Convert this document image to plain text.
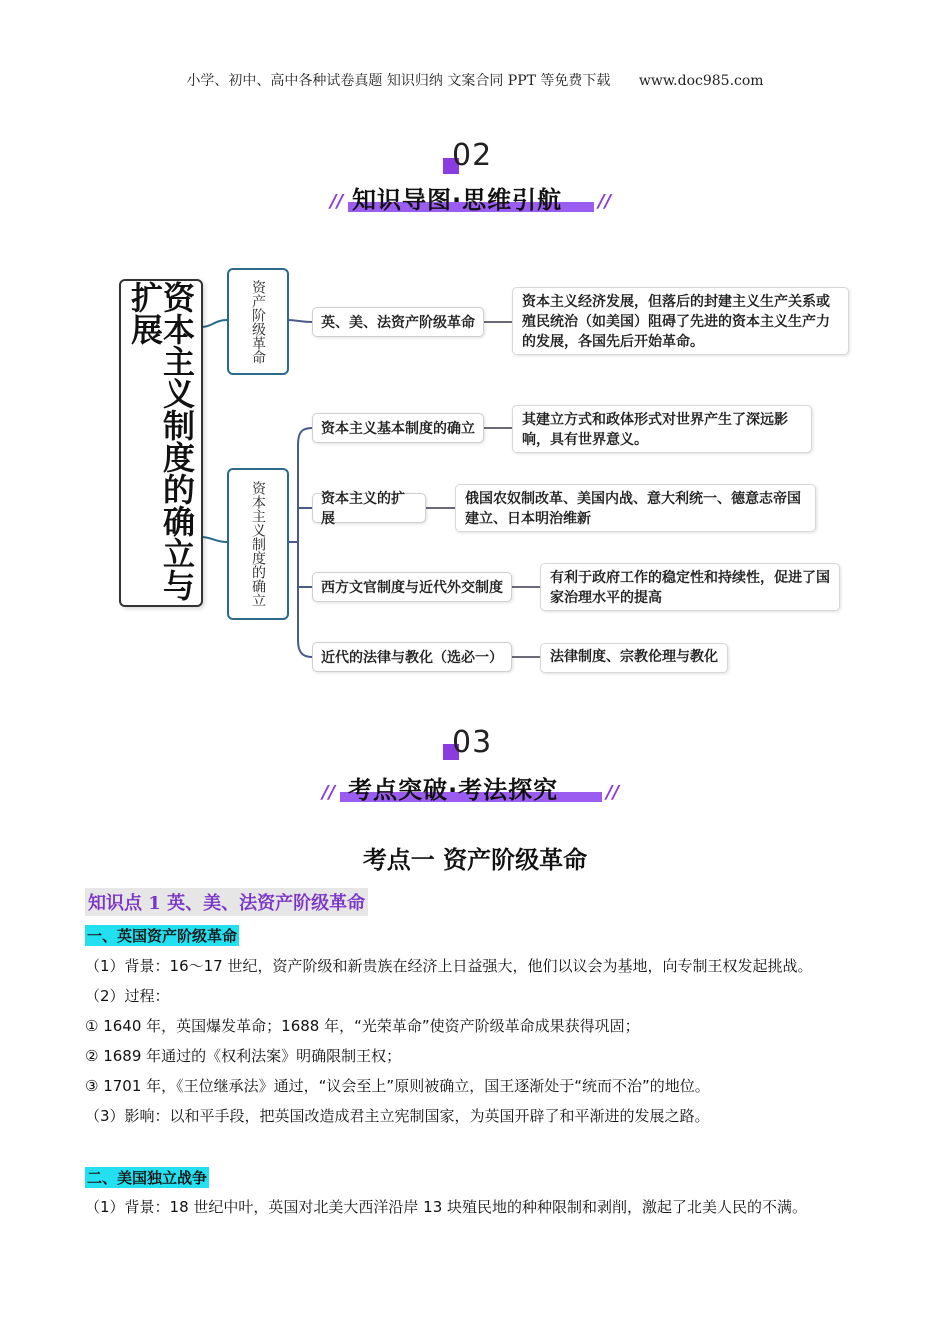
小学、初中、高中各种试卷真题 知识归纳 文案合同 PPT 等免费下载 www.doc985.com
02
// 知识导图·思维引航 //
资本主义制度的确立与扩展	资产阶级革命	英、美、法资产阶级革命
资本主义经济发展，但落后的封建主义生产关系或殖民统治（如美国）阻碍了先进的资本主义生产力的发展，各国先后开始革命。
资本主义制度的确立
资本主义基本制度的确立
其建立方式和政体形式对世界产生了深远影响，具有世界意义。
资本主义的扩展
俄国农奴制改革、美国内战、意大利统一、德意志帝国建立、日本明治维新
西方文官制度与近代外交制度
有利于政府工作的稳定性和持续性，促进了国家治理水平的提高
近代的法律与教化（选必一）	法律制度、宗教伦理与教化
03
// 考点突破·考法探究	//
考点一 资产阶级革命
知识点 1 英、美、法资产阶级革命
一、英国资产阶级革命
（1）背景：16～17 世纪，资产阶级和新贵族在经济上日益强大，他们以议会为基地，向专制王权发起挑战。
（2）过程：
① 1640 年，英国爆发革命；1688 年，“光荣革命”使资产阶级革命成果获得巩固；
② 1689 年通过的《权利法案》明确限制王权；
③ 1701 年，《王位继承法》通过，“议会至上”原则被确立，国王逐渐处于“统而不治”的地位。
（3）影响：以和平手段，把英国改造成君主立宪制国家，为英国开辟了和平渐进的发展之路。
二、美国独立战争
（1）背景：18 世纪中叶，英国对北美大西洋沿岸 13 块殖民地的种种限制和剥削，激起了北美人民的不满。
